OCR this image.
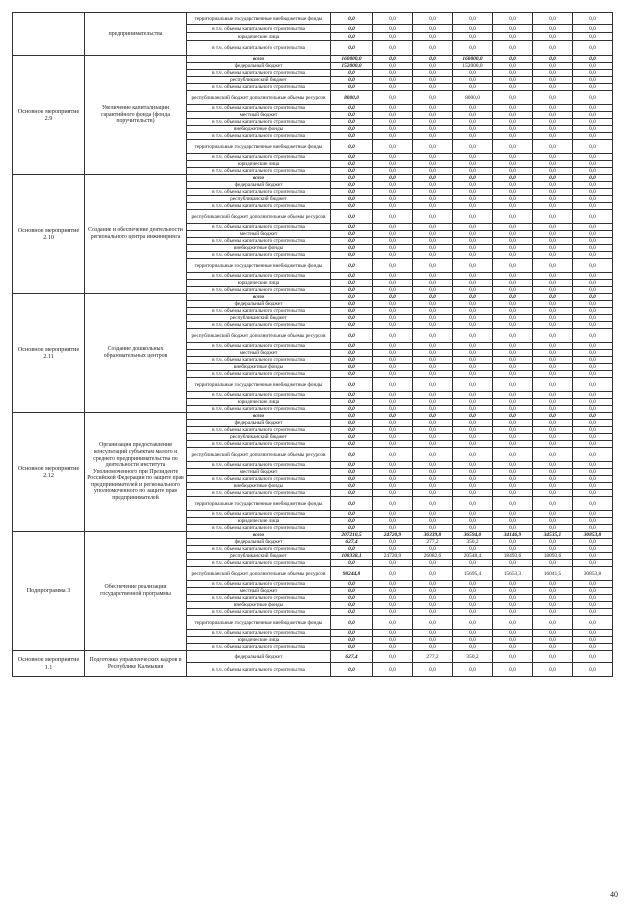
	предпринимательства	территориальные государственные внебюджетные фонды	0,0	0,0	0,0	0,0	0,0	0,0	0,0
		в т.ч. объемы капитального строительства	0,0	0,0	0,0	0,0	0,0	0,0	0,0
		юридические лица	0,0	0,0	0,0	0,0	0,0	0,0	0,0
		в т.ч. объемы капитального строительства	0,0	0,0	0,0	0,0	0,0	0,0	0,0
Основное мероприятие 2.9	Увеличение капитализации гарантийного фонда (фонда поручительств)	всего	160000,0	0,0	0,0	160000,0	0,0	0,0	0,0
		федеральный бюджет	152000,0	0,0	0,0	152000,0	0,0	0,0	0,0
		в т.ч. объемы капитального строительства	0,0	0,0	0,0	0,0	0,0	0,0	0,0
		республиканский бюджет	0,0	0,0	0,0	0,0	0,0	0,0	0,0
		в т.ч. объемы капитального строительства	0,0	0,0	0,0	0,0	0,0	0,0	0,0
		республиканский бюджет дополнительные объемы ресурсов	8000,0	0,0	0,0	8000,0	0,0	0,0	0,0
		в т.ч. объемы капитального строительства	0,0	0,0	0,0	0,0	0,0	0,0	0,0
		местный бюджет	0,0	0,0	0,0	0,0	0,0	0,0	0,0
		в т.ч. объемы капитального строительства	0,0	0,0	0,0	0,0	0,0	0,0	0,0
		внебюджетные фонды	0,0	0,0	0,0	0,0	0,0	0,0	0,0
		в т.ч. объемы капитального строительства	0,0	0,0	0,0	0,0	0,0	0,0	0,0
		территориальные государственные внебюджетные фонды	0,0	0,0	0,0	0,0	0,0	0,0	0,0
		в т.ч. объемы капитального строительства	0,0	0,0	0,0	0,0	0,0	0,0	0,0
		юридические лица	0,0	0,0	0,0	0,0	0,0	0,0	0,0
		в т.ч. объемы капитального строительства	0,0	0,0	0,0	0,0	0,0	0,0	0,0
Основное мероприятие 2.10	Создание и обеспечение деятельности регионального центра инжиниринга	всего	0,0	0,0	0,0	0,0	0,0	0,0	0,0
		федеральный бюджет	0,0	0,0	0,0	0,0	0,0	0,0	0,0
		в т.ч. объемы капитального строительства	0,0	0,0	0,0	0,0	0,0	0,0	0,0
		республиканский бюджет	0,0	0,0	0,0	0,0	0,0	0,0	0,0
		в т.ч. объемы капитального строительства	0,0	0,0	0,0	0,0	0,0	0,0	0,0
		республиканский бюджет дополнительные объемы ресурсов	0,0	0,0	0,0	0,0	0,0	0,0	0,0
		в т.ч. объемы капитального строительства	0,0	0,0	0,0	0,0	0,0	0,0	0,0
		местный бюджет	0,0	0,0	0,0	0,0	0,0	0,0	0,0
		в т.ч. объемы капитального строительства	0,0	0,0	0,0	0,0	0,0	0,0	0,0
		внебюджетные фонды	0,0	0,0	0,0	0,0	0,0	0,0	0,0
		в т.ч. объемы капитального строительства	0,0	0,0	0,0	0,0	0,0	0,0	0,0
		территориальные государственные внебюджетные фонды	0,0	0,0	0,0	0,0	0,0	0,0	0,0
		в т.ч. объемы капитального строительства	0,0	0,0	0,0	0,0	0,0	0,0	0,0
		юридические лица	0,0	0,0	0,0	0,0	0,0	0,0	0,0
		в т.ч. объемы капитального строительства	0,0	0,0	0,0	0,0	0,0	0,0	0,0
Основное мероприятие 2.11	Создание дошкольных образовательных центров	всего	0,0	0,0	0,0	0,0	0,0	0,0	0,0
		федеральный бюджет	0,0	0,0	0,0	0,0	0,0	0,0	0,0
		в т.ч. объемы капитального строительства	0,0	0,0	0,0	0,0	0,0	0,0	0,0
		республиканский бюджет	0,0	0,0	0,0	0,0	0,0	0,0	0,0
		в т.ч. объемы капитального строительства	0,0	0,0	0,0	0,0	0,0	0,0	0,0
		республиканский бюджет дополнительные объемы ресурсов	0,0	0,0	0,0	0,0	0,0	0,0	0,0
		в т.ч. объемы капитального строительства	0,0	0,0	0,0	0,0	0,0	0,0	0,0
		местный бюджет	0,0	0,0	0,0	0,0	0,0	0,0	0,0
		в т.ч. объемы капитального строительства	0,0	0,0	0,0	0,0	0,0	0,0	0,0
		внебюджетные фонды	0,0	0,0	0,0	0,0	0,0	0,0	0,0
		в т.ч. объемы капитального строительства	0,0	0,0	0,0	0,0	0,0	0,0	0,0
		территориальные государственные внебюджетные фонды	0,0	0,0	0,0	0,0	0,0	0,0	0,0
		в т.ч. объемы капитального строительства	0,0	0,0	0,0	0,0	0,0	0,0	0,0
		юридические лица	0,0	0,0	0,0	0,0	0,0	0,0	0,0
		в т.ч. объемы капитального строительства	0,0	0,0	0,0	0,0	0,0	0,0	0,0
Основное мероприятие 2.12	Организация предоставления консультаций субъектам малого и среднего предпринимательства по деятельности института Уполномоченного при Президенте Российской Федерации по защите прав предпринимателей и регионального уполномоченного по защите прав предпринимателей	всего	0,0	0,0	0,0	0,0	0,0	0,0	0,0
		федеральный бюджет	0,0	0,0	0,0	0,0	0,0	0,0	0,0
		в т.ч. объемы капитального строительства	0,0	0,0	0,0	0,0	0,0	0,0	0,0
		республиканский бюджет	0,0	0,0	0,0	0,0	0,0	0,0	0,0
		в т.ч. объемы капитального строительства	0,0	0,0	0,0	0,0	0,0	0,0	0,0
		республиканский бюджет дополнительные объемы ресурсов	0,0	0,0	0,0	0,0	0,0	0,0	0,0
		в т.ч. объемы капитального строительства	0,0	0,0	0,0	0,0	0,0	0,0	0,0
		местный бюджет	0,0	0,0	0,0	0,0	0,0	0,0	0,0
		в т.ч. объемы капитального строительства	0,0	0,0	0,0	0,0	0,0	0,0	0,0
		внебюджетные фонды	0,0	0,0	0,0	0,0	0,0	0,0	0,0
		в т.ч. объемы капитального строительства	0,0	0,0	0,0	0,0	0,0	0,0	0,0
		территориальные государственные внебюджетные фонды	0,0	0,0	0,0	0,0	0,0	0,0	0,0
		в т.ч. объемы капитального строительства	0,0	0,0	0,0	0,0	0,0	0,0	0,0
		юридические лица	0,0	0,0	0,0	0,0	0,0	0,0	0,0
		в т.ч. объемы капитального строительства	0,0	0,0	0,0	0,0	0,0	0,0	0,0
Подпрограмма 3	Обеспечение реализации государственной программы	всего	207210,5	24720,9	36339,8	36594,0	34146,9	34535,1	30853,8
		федеральный бюджет	627,4	0,0	277,2	350,2	0,0	0,0	0,0
		в т.ч. объемы капитального строительства	0,0	0,0	0,0	0,0	0,0	0,0	0,0
		республиканский бюджет	108338,1	24720,9	26082,6	20548,4	18493,6	18093,6	0,0
		в т.ч. объемы капитального строительства	0,0	0,0	0,0	0,0	0,0	0,0	0,0
		республиканский бюджет дополнительные объемы ресурсов	98244,8	0,0	0,0	15695,4	15653,3	16041,5	30853,8
		в т.ч. объемы капитального строительства	0,0	0,0	0,0	0,0	0,0	0,0	0,0
		местный бюджет	0,0	0,0	0,0	0,0	0,0	0,0	0,0
		в т.ч. объемы капитального строительства	0,0	0,0	0,0	0,0	0,0	0,0	0,0
		внебюджетные фонды	0,0	0,0	0,0	0,0	0,0	0,0	0,0
		в т.ч. объемы капитального строительства	0,0	0,0	0,0	0,0	0,0	0,0	0,0
		территориальные государственные внебюджетные фонды	0,0	0,0	0,0	0,0	0,0	0,0	0,0
		в т.ч. объемы капитального строительства	0,0	0,0	0,0	0,0	0,0	0,0	0,0
		юридические лица	0,0	0,0	0,0	0,0	0,0	0,0	0,0
		в т.ч. объемы капитального строительства	0,0	0,0	0,0	0,0	0,0	0,0	0,0
Основное мероприятие 1.1	Подготовка управленческих кадров в Республике Калмыкия	федеральный бюджет	627,4	0,0	277,2	350,2	0,0	0,0	0,0
		в т.ч. объемы капитального строительства	0,0	0,0	0,0	0,0	0,0	0,0	0,0
40
